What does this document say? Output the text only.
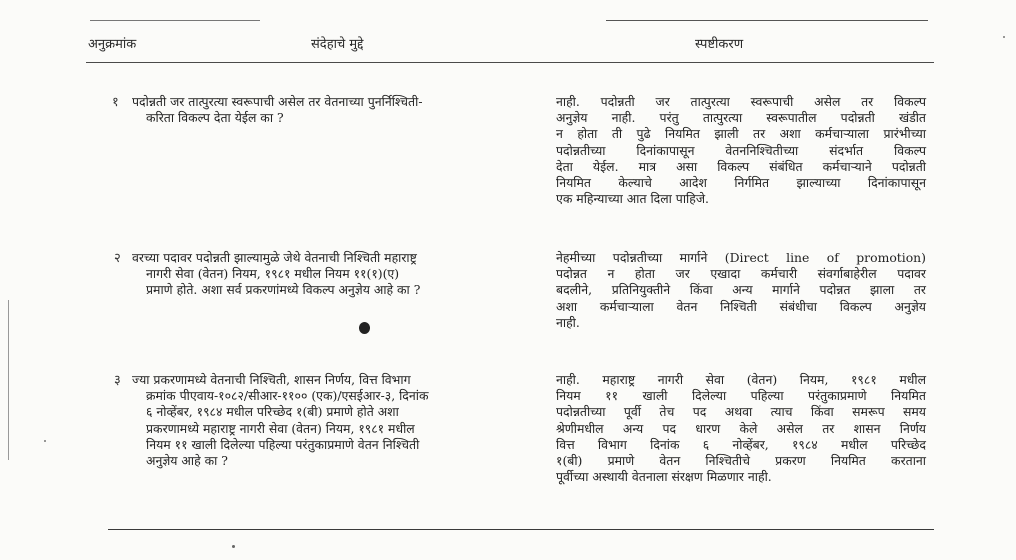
अनुक्रमांक	संदेहाचे मुद्दे	स्पष्टीकरण
१ पदोन्नती जर तात्पुरत्या स्वरूपाची असेल तर वेतनाच्या पुनर्निश्चिती-
करिता विकल्प देता येईल का ?
नाही. पदोन्नती जर तात्पुरत्या स्वरूपाची असेल तर विकल्प
अनुज्ञेय नाही. परंतु तात्पुरत्या स्वरूपातील पदोन्नती खंडीत
न होता ती पुढे नियमित झाली तर अशा कर्मचाऱ्याला प्रारंभीच्या
पदोन्नतीच्या दिनांकापासून वेतननिश्चितीच्या संदर्भात विकल्प
देता येईल. मात्र असा विकल्प संबंधित कर्मचाऱ्याने पदोन्नती
नियमित केल्याचे आदेश निर्गमित झाल्याच्या दिनांकापासून
एक महिन्याच्या आत दिला पाहिजे.
२ वरच्या पदावर पदोन्नती झाल्यामुळे जेथे वेतनाची निश्चिती महाराष्ट्र
नागरी सेवा (वेतन) नियम, १९८१ मधील नियम ११(१)(ए)
प्रमाणे होते. अशा सर्व प्रकरणांमध्ये विकल्प अनुज्ञेय आहे का ?
नेहमीच्या पदोन्नतीच्या मार्गाने (Direct line of promotion)
पदोन्नत न होता जर एखादा कर्मचारी संवर्गाबाहेरील पदावर
बदलीने, प्रतिनियुक्तीने किंवा अन्य मार्गाने पदोन्नत झाला तर
अशा कर्मचाऱ्याला वेतन निश्चिती संबंधीचा विकल्प अनुज्ञेय
नाही.
३ ज्या प्रकरणामध्ये वेतनाची निश्चिती, शासन निर्णय, वित्त विभाग
क्रमांक पीएवाय-१०८२/सीआर-११०० (एक)/एसईआर-३, दिनांक
६ नोव्हेंबर, १९८४ मधील परिच्छेद १(बी) प्रमाणे होते अशा
प्रकरणामध्ये महाराष्ट्र नागरी सेवा (वेतन) नियम, १९८१ मधील
नियम ११ खाली दिलेल्या पहिल्या परंतुकाप्रमाणे वेतन निश्चिती
अनुज्ञेय आहे का ?
नाही. महाराष्ट्र नागरी सेवा (वेतन) नियम, १९८१ मधील
नियम ११ खाली दिलेल्या पहिल्या परंतुकाप्रमाणे नियमित
पदोन्नतीच्या पूर्वी तेच पद अथवा त्याच किंवा समरूप समय
श्रेणीमधील अन्य पद धारण केले असेल तर शासन निर्णय
वित्त विभाग दिनांक ६ नोव्हेंबर, १९८४ मधील परिच्छेद
१(बी) प्रमाणे वेतन निश्चितीचे प्रकरण नियमित करताना
पूर्वीच्या अस्थायी वेतनाला संरक्षण मिळणार नाही.
